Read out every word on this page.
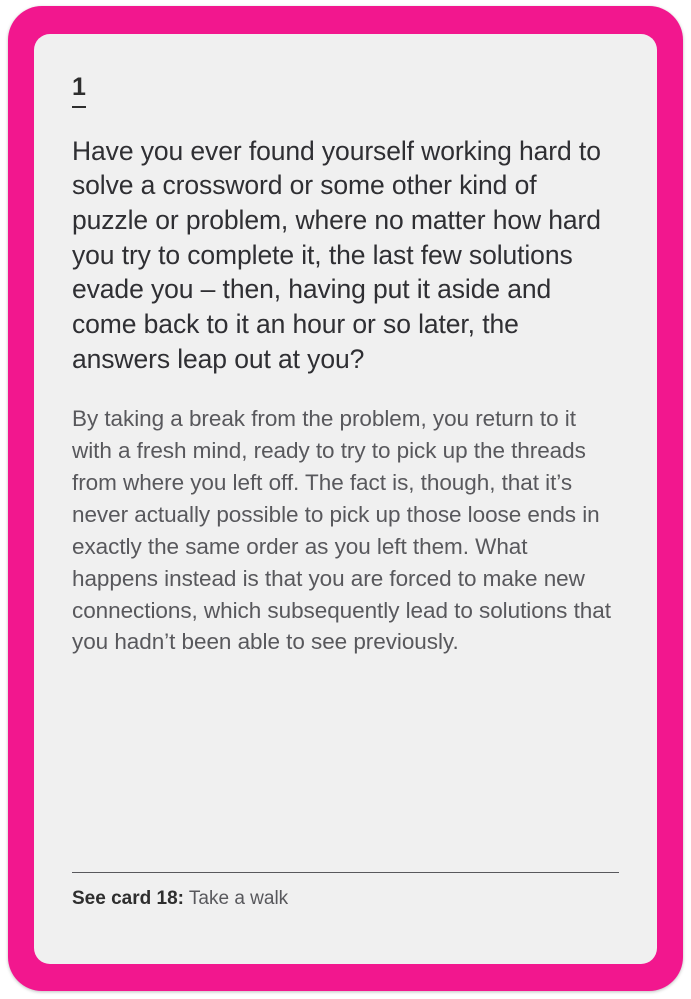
1

Have you ever found yourself working hard to solve a crossword or some other kind of puzzle or problem, where no matter how hard you try to complete it, the last few solutions evade you – then, having put it aside and come back to it an hour or so later, the answers leap out at you?

By taking a break from the problem, you return to it with a fresh mind, ready to try to pick up the threads from where you left off. The fact is, though, that it’s never actually possible to pick up those loose ends in exactly the same order as you left them. What happens instead is that you are forced to make new connections, which subsequently lead to solutions that you hadn’t been able to see previously.

See card 18: Take a walk
